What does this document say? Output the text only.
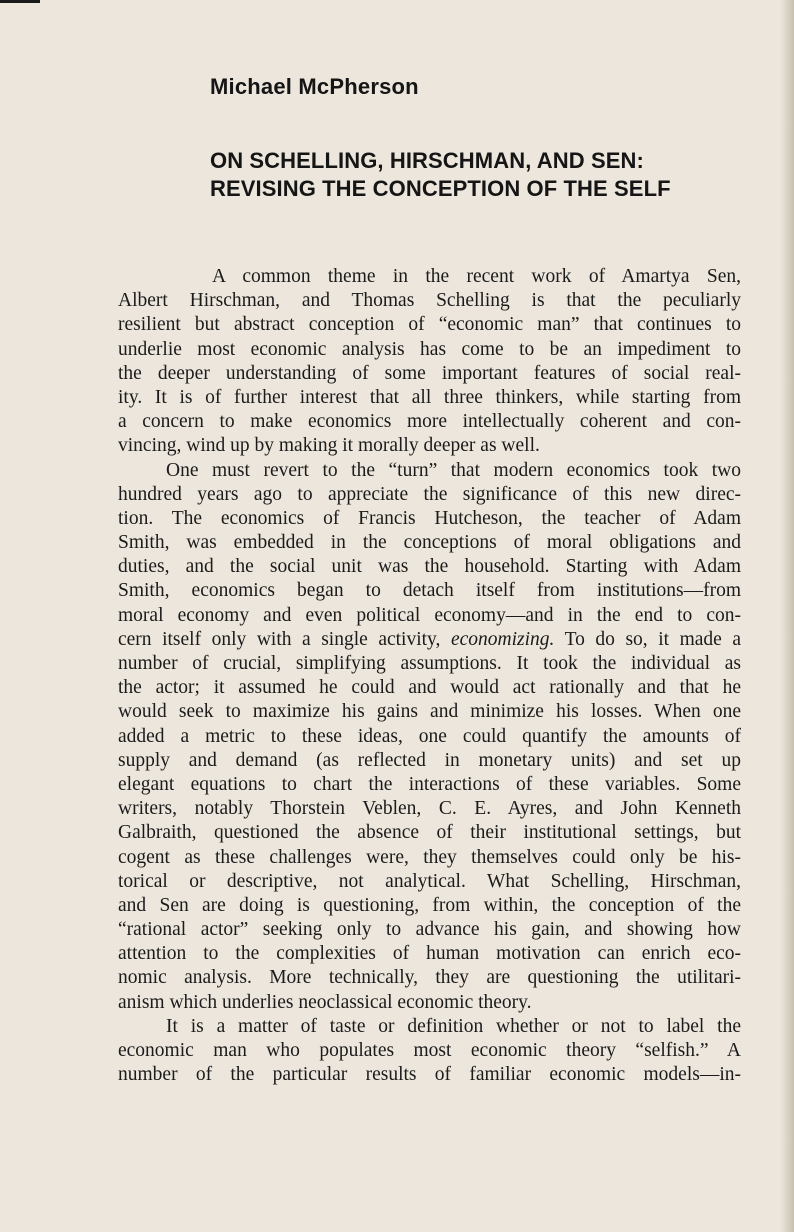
Michael McPherson
ON SCHELLING, HIRSCHMAN, AND SEN:
REVISING THE CONCEPTION OF THE SELF
A common theme in the recent work of Amartya Sen,
Albert Hirschman, and Thomas Schelling is that the peculiarly
resilient but abstract conception of “economic man” that continues to
underlie most economic analysis has come to be an impediment to
the deeper understanding of some important features of social real-
ity. It is of further interest that all three thinkers, while starting from
a concern to make economics more intellectually coherent and con-
vincing, wind up by making it morally deeper as well.
One must revert to the “turn” that modern economics took two
hundred years ago to appreciate the significance of this new direc-
tion. The economics of Francis Hutcheson, the teacher of Adam
Smith, was embedded in the conceptions of moral obligations and
duties, and the social unit was the household. Starting with Adam
Smith, economics began to detach itself from institutions—from
moral economy and even political economy—and in the end to con-
cern itself only with a single activity, economizing. To do so, it made a
number of crucial, simplifying assumptions. It took the individual as
the actor; it assumed he could and would act rationally and that he
would seek to maximize his gains and minimize his losses. When one
added a metric to these ideas, one could quantify the amounts of
supply and demand (as reflected in monetary units) and set up
elegant equations to chart the interactions of these variables. Some
writers, notably Thorstein Veblen, C. E. Ayres, and John Kenneth
Galbraith, questioned the absence of their institutional settings, but
cogent as these challenges were, they themselves could only be his-
torical or descriptive, not analytical. What Schelling, Hirschman,
and Sen are doing is questioning, from within, the conception of the
“rational actor” seeking only to advance his gain, and showing how
attention to the complexities of human motivation can enrich eco-
nomic analysis. More technically, they are questioning the utilitari-
anism which underlies neoclassical economic theory.
It is a matter of taste or definition whether or not to label the
economic man who populates most economic theory “selfish.” A
number of the particular results of familiar economic models—in-
